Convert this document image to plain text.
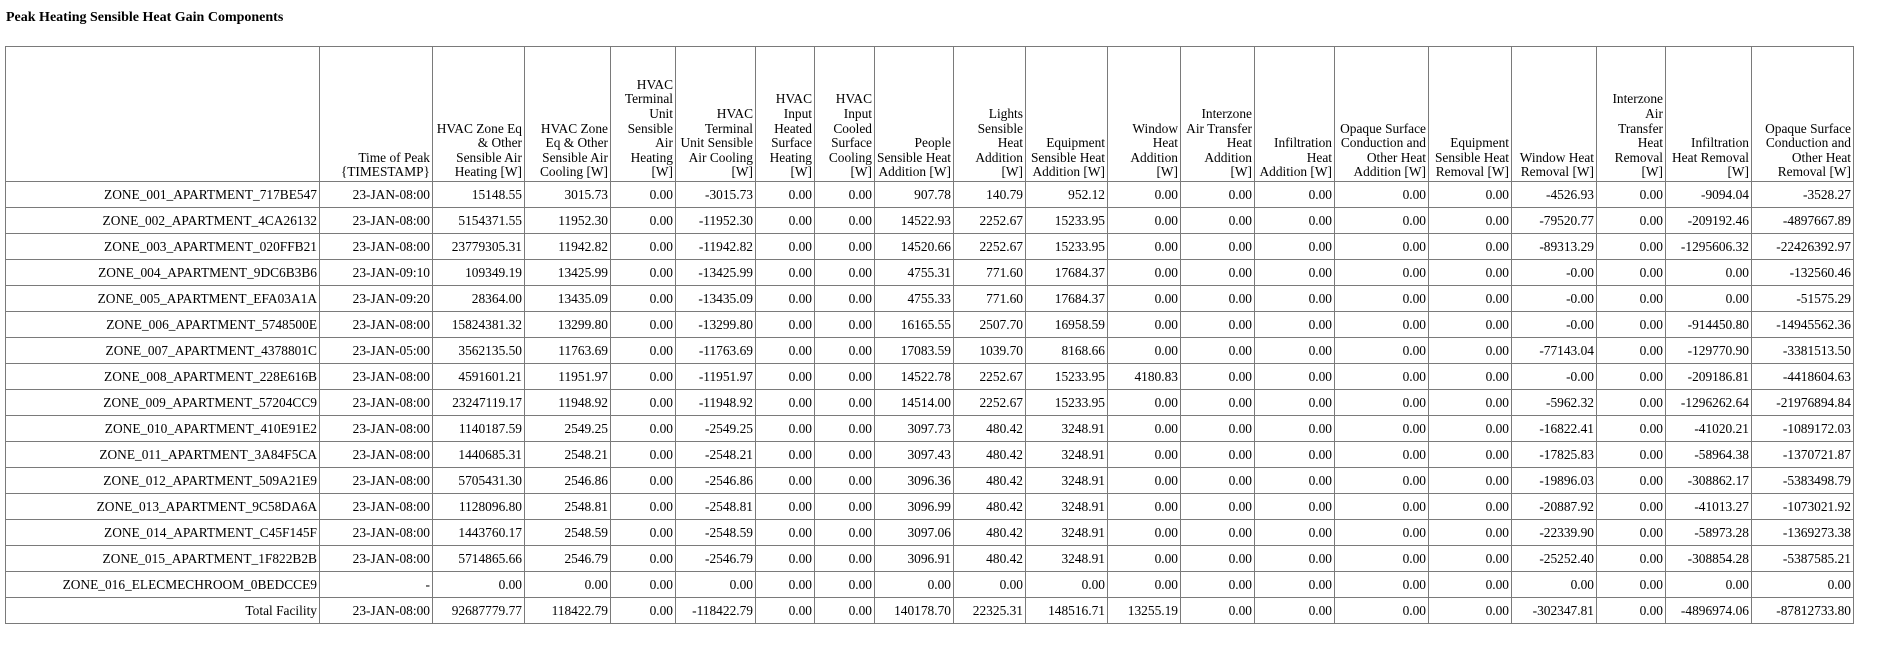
Peak Heating Sensible Heat Gain Components
	Time of Peak {TIMESTAMP}	HVAC Zone Eq & Other Sensible Air Heating [W]	HVAC Zone Eq & Other Sensible Air Cooling [W]	HVAC Terminal Unit Sensible Air Heating [W]	HVAC Terminal Unit Sensible Air Cooling [W]	HVAC Input Heated Surface Heating [W]	HVAC Input Cooled Surface Cooling [W]	People Sensible Heat Addition [W]	Lights Sensible Heat Addition [W]	Equipment Sensible Heat Addition [W]	Window Heat Addition [W]	Interzone Air Transfer Heat Addition [W]	Infiltration Heat Addition [W]	Opaque Surface Conduction and Other Heat Addition [W]	Equipment Sensible Heat Removal [W]	Window Heat Removal [W]	Interzone Air Transfer Heat Removal [W]	Infiltration Heat Removal [W]	Opaque Surface Conduction and Other Heat Removal [W]
ZONE_001_APARTMENT_717BE547	23-JAN-08:00	15148.55	3015.73	0.00	-3015.73	0.00	0.00	907.78	140.79	952.12	0.00	0.00	0.00	0.00	0.00	-4526.93	0.00	-9094.04	-3528.27
ZONE_002_APARTMENT_4CA26132	23-JAN-08:00	5154371.55	11952.30	0.00	-11952.30	0.00	0.00	14522.93	2252.67	15233.95	0.00	0.00	0.00	0.00	0.00	-79520.77	0.00	-209192.46	-4897667.89
ZONE_003_APARTMENT_020FFB21	23-JAN-08:00	23779305.31	11942.82	0.00	-11942.82	0.00	0.00	14520.66	2252.67	15233.95	0.00	0.00	0.00	0.00	0.00	-89313.29	0.00	-1295606.32	-22426392.97
ZONE_004_APARTMENT_9DC6B3B6	23-JAN-09:10	109349.19	13425.99	0.00	-13425.99	0.00	0.00	4755.31	771.60	17684.37	0.00	0.00	0.00	0.00	0.00	-0.00	0.00	0.00	-132560.46
ZONE_005_APARTMENT_EFA03A1A	23-JAN-09:20	28364.00	13435.09	0.00	-13435.09	0.00	0.00	4755.33	771.60	17684.37	0.00	0.00	0.00	0.00	0.00	-0.00	0.00	0.00	-51575.29
ZONE_006_APARTMENT_5748500E	23-JAN-08:00	15824381.32	13299.80	0.00	-13299.80	0.00	0.00	16165.55	2507.70	16958.59	0.00	0.00	0.00	0.00	0.00	-0.00	0.00	-914450.80	-14945562.36
ZONE_007_APARTMENT_4378801C	23-JAN-05:00	3562135.50	11763.69	0.00	-11763.69	0.00	0.00	17083.59	1039.70	8168.66	0.00	0.00	0.00	0.00	0.00	-77143.04	0.00	-129770.90	-3381513.50
ZONE_008_APARTMENT_228E616B	23-JAN-08:00	4591601.21	11951.97	0.00	-11951.97	0.00	0.00	14522.78	2252.67	15233.95	4180.83	0.00	0.00	0.00	0.00	-0.00	0.00	-209186.81	-4418604.63
ZONE_009_APARTMENT_57204CC9	23-JAN-08:00	23247119.17	11948.92	0.00	-11948.92	0.00	0.00	14514.00	2252.67	15233.95	0.00	0.00	0.00	0.00	0.00	-5962.32	0.00	-1296262.64	-21976894.84
ZONE_010_APARTMENT_410E91E2	23-JAN-08:00	1140187.59	2549.25	0.00	-2549.25	0.00	0.00	3097.73	480.42	3248.91	0.00	0.00	0.00	0.00	0.00	-16822.41	0.00	-41020.21	-1089172.03
ZONE_011_APARTMENT_3A84F5CA	23-JAN-08:00	1440685.31	2548.21	0.00	-2548.21	0.00	0.00	3097.43	480.42	3248.91	0.00	0.00	0.00	0.00	0.00	-17825.83	0.00	-58964.38	-1370721.87
ZONE_012_APARTMENT_509A21E9	23-JAN-08:00	5705431.30	2546.86	0.00	-2546.86	0.00	0.00	3096.36	480.42	3248.91	0.00	0.00	0.00	0.00	0.00	-19896.03	0.00	-308862.17	-5383498.79
ZONE_013_APARTMENT_9C58DA6A	23-JAN-08:00	1128096.80	2548.81	0.00	-2548.81	0.00	0.00	3096.99	480.42	3248.91	0.00	0.00	0.00	0.00	0.00	-20887.92	0.00	-41013.27	-1073021.92
ZONE_014_APARTMENT_C45F145F	23-JAN-08:00	1443760.17	2548.59	0.00	-2548.59	0.00	0.00	3097.06	480.42	3248.91	0.00	0.00	0.00	0.00	0.00	-22339.90	0.00	-58973.28	-1369273.38
ZONE_015_APARTMENT_1F822B2B	23-JAN-08:00	5714865.66	2546.79	0.00	-2546.79	0.00	0.00	3096.91	480.42	3248.91	0.00	0.00	0.00	0.00	0.00	-25252.40	0.00	-308854.28	-5387585.21
ZONE_016_ELECMECHROOM_0BEDCCE9	-	0.00	0.00	0.00	0.00	0.00	0.00	0.00	0.00	0.00	0.00	0.00	0.00	0.00	0.00	0.00	0.00	0.00	0.00
Total Facility	23-JAN-08:00	92687779.77	118422.79	0.00	-118422.79	0.00	0.00	140178.70	22325.31	148516.71	13255.19	0.00	0.00	0.00	0.00	-302347.81	0.00	-4896974.06	-87812733.80
